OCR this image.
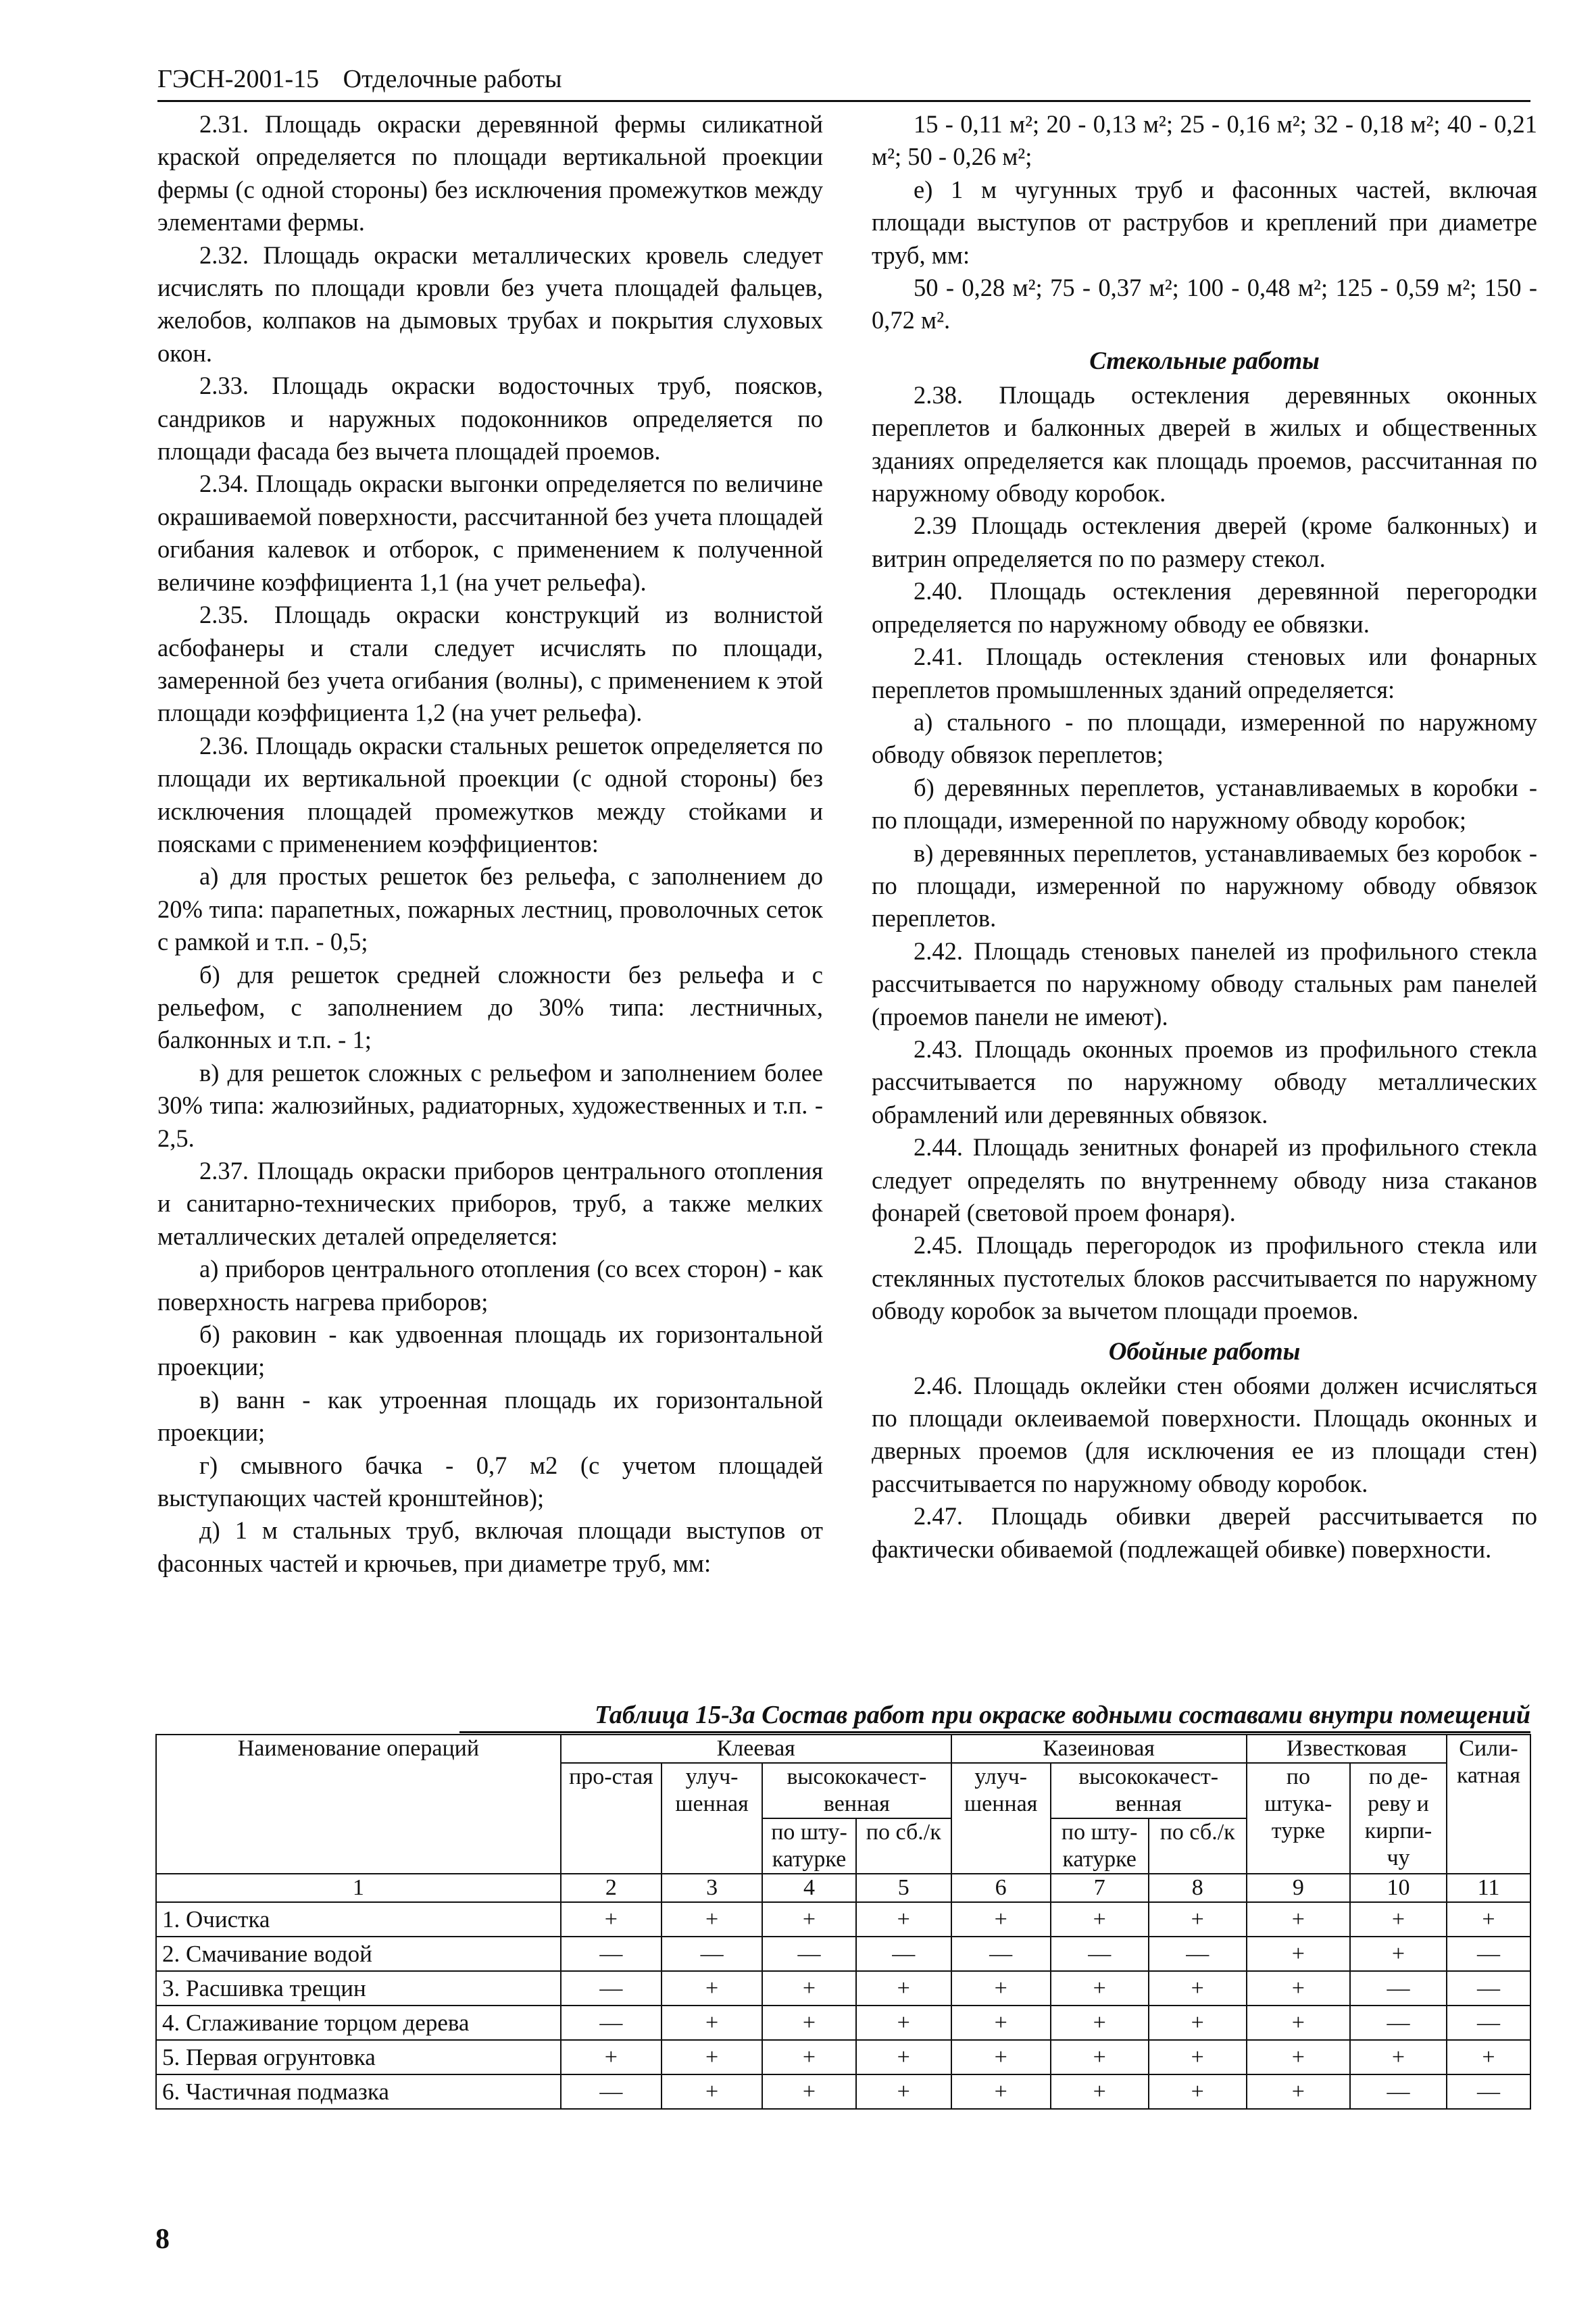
ГЭСН-2001-15 Отделочные работы

2.31. Площадь окраски деревянной фермы силикатной краской определяется по площади вертикальной проекции фермы (с одной стороны) без исключения промежутков между элементами фермы.

2.32. Площадь окраски металлических кровель следует исчислять по площади кровли без учета площадей фальцев, желобов, колпаков на дымовых трубах и покрытия слуховых окон.

2.33. Площадь окраски водосточных труб, поясков, сандриков и наружных подоконников определяется по площади фасада без вычета площадей проемов.

2.34. Площадь окраски выгонки определяется по величине окрашиваемой поверхности, рассчитанной без учета площадей огибания калевок и отборок, с применением к полученной величине коэффициента 1,1 (на учет рельефа).

2.35. Площадь окраски конструкций из волнистой асбофанеры и стали следует исчислять по площади, замеренной без учета огибания (волны), с применением к этой площади коэффициента 1,2 (на учет рельефа).

2.36. Площадь окраски стальных решеток определяется по площади их вертикальной проекции (с одной стороны) без исключения площадей промежутков между стойками и поясками с применением коэффициентов:

а) для простых решеток без рельефа, с заполнением до 20% типа: парапетных, пожарных лестниц, проволочных сеток с рамкой и т.п. - 0,5;

б) для решеток средней сложности без рельефа и с рельефом, с заполнением до 30% типа: лестничных, балконных и т.п. - 1;

в) для решеток сложных с рельефом и заполнением более 30% типа: жалюзийных, радиаторных, художественных и т.п. - 2,5.

2.37. Площадь окраски приборов центрального отопления и санитарно-технических приборов, труб, а также мелких металлических деталей определяется:

а) приборов центрального отопления (со всех сторон) - как поверхность нагрева приборов;

б) раковин - как удвоенная площадь их горизонтальной проекции;

в) ванн - как утроенная площадь их горизонтальной проекции;

г) смывного бачка - 0,7 м2 (с учетом площадей выступающих частей кронштейнов);

д) 1 м стальных труб, включая площади выступов от фасонных частей и крючьев, при диаметре труб, мм:

15 - 0,11 м²; 20 - 0,13 м²; 25 - 0,16 м²; 32 - 0,18 м²; 40 - 0,21 м²; 50 - 0,26 м²;

е) 1 м чугунных труб и фасонных частей, включая площади выступов от раструбов и креплений при диаметре труб, мм:

50 - 0,28 м²; 75 - 0,37 м²; 100 - 0,48 м²; 125 - 0,59 м²; 150 - 0,72 м².

Стекольные работы

2.38. Площадь остекления деревянных оконных переплетов и балконных дверей в жилых и общественных зданиях определяется как площадь проемов, рассчитанная по наружному обводу коробок.

2.39 Площадь остекления дверей (кроме балконных) и витрин определяется по по размеру стекол.

2.40. Площадь остекления деревянной перегородки определяется по наружному обводу ее обвязки.

2.41. Площадь остекления стеновых или фонарных переплетов промышленных зданий определяется:

а) стального - по площади, измеренной по наружному обводу обвязок переплетов;

б) деревянных переплетов, устанавливаемых в коробки - по площади, измеренной по наружному обводу коробок;

в) деревянных переплетов, устанавливаемых без коробок - по площади, измеренной по наружному обводу обвязок переплетов.

2.42. Площадь стеновых панелей из профильного стекла рассчитывается по наружному обводу стальных рам панелей (проемов панели не имеют).

2.43. Площадь оконных проемов из профильного стекла рассчитывается по наружному обводу металлических обрамлений или деревянных обвязок.

2.44. Площадь зенитных фонарей из профильного стекла следует определять по внутреннему обводу низа стаканов фонарей (световой проем фонаря).

2.45. Площадь перегородок из профильного стекла или стеклянных пустотелых блоков рассчитывается по наружному обводу коробок за вычетом площади проемов.

Обойные работы

2.46. Площадь оклейки стен обоями должен исчисляться по площади оклеиваемой поверхности. Площадь оконных и дверных проемов (для исключения ее из площади стен) рассчитывается по наружному обводу коробок.

2.47. Площадь обивки дверей рассчитывается по фактически обиваемой (подлежащей обивке) поверхности.

Таблица 15-3а Состав работ при окраске водными составами внутри помещений
Наименование операций	Клеевая				Казеиновая			Известковая		Сили-катная
	про-стая	улуч-шенная	высококачест-венная		улуч-шенная	высококачест-венная		по штука-турке	по де-реву и кирпи-чу	
			по шту-катурке	по сб./к		по шту-катурке	по сб./к			
1	2	3	4	5	6	7	8	9	10	11
1. Очистка	+	+	+	+	+	+	+	+	+	+
2. Смачивание водой	—	—	—	—	—	—	—	+	+	—
3. Расшивка трещин	—	+	+	+	+	+	+	+	—	—
4. Сглаживание торцом дерева	—	+	+	+	+	+	+	+	—	—
5. Первая огрунтовка	+	+	+	+	+	+	+	+	+	+
6. Частичная подмазка	—	+	+	+	+	+	+	+	—	—
8
